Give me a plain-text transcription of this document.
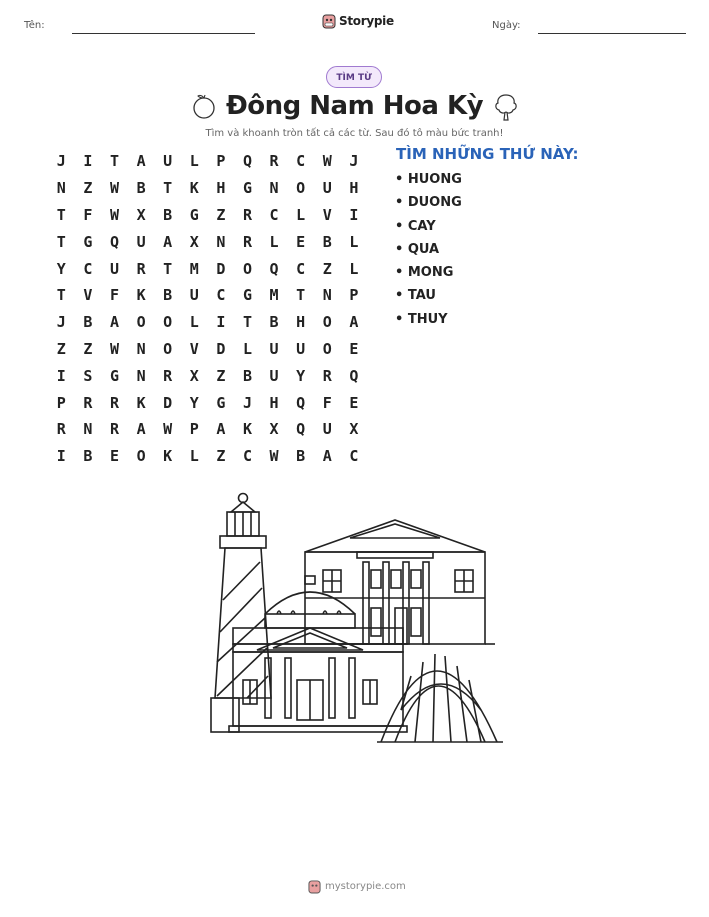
Tên:	Ngày:
Storypie
TÌM TỪ
Đông Nam Hoa Kỳ
Tìm và khoanh tròn tất cả các từ. Sau đó tô màu bức tranh!
J	I	T	A	U	L	P	Q	R	C	W	J
N	Z	W	B	T	K	H	G	N	O	U	H
T	F	W	X	B	G	Z	R	C	L	V	I
T	G	Q	U	A	X	N	R	L	E	B	L
Y	C	U	R	T	M	D	O	Q	C	Z	L
T	V	F	K	B	U	C	G	M	T	N	P
J	B	A	O	O	L	I	T	B	H	O	A
Z	Z	W	N	O	V	D	L	U	U	O	E
I	S	G	N	R	X	Z	B	U	Y	R	Q
P	R	R	K	D	Y	G	J	H	Q	F	E
R	N	R	A	W	P	A	K	X	Q	U	X
I	B	E	O	K	L	Z	C	W	B	A	C
TÌM NHỮNG THỨ NÀY:
• HUONG
• DUONG
• CAY
• QUA
• MONG
• TAU
• THUY
mystorypie.com
